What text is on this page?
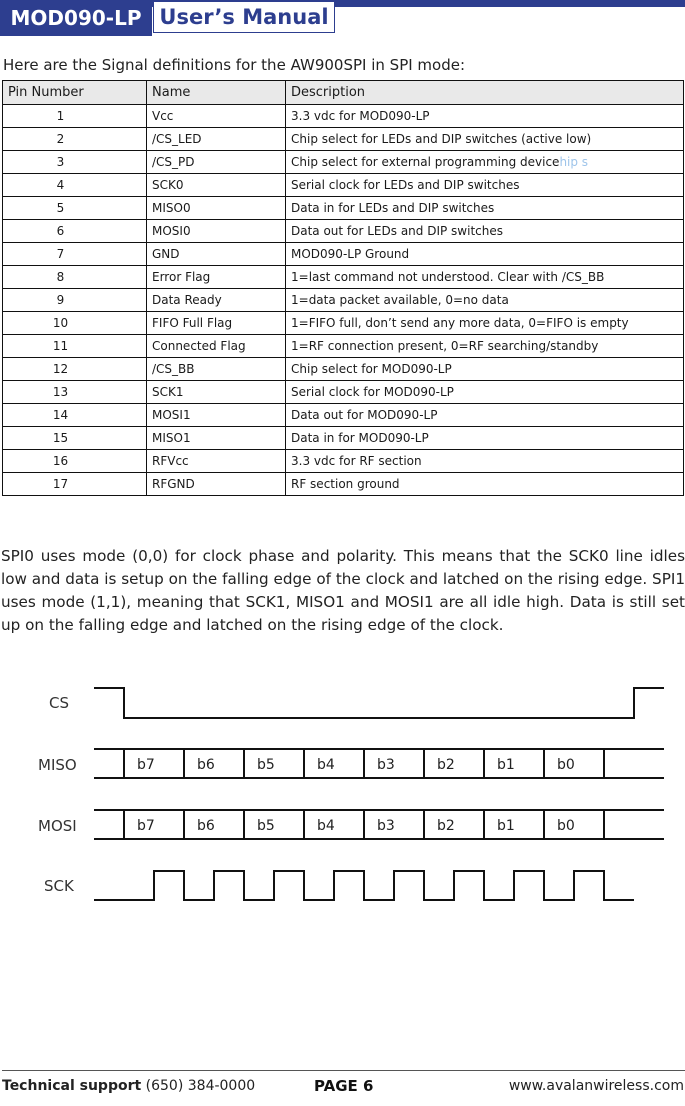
MOD090-LP User’s Manual
Here are the Signal deﬁnitions for the AW900SPI in SPI mode:
Pin Number	Name	Description
1	Vcc	3.3 vdc for MOD090-LP
2	/CS_LED	Chip select for LEDs and DIP switches (active low)
3	/CS_PD	Chip select for external programming devicehip s
4	SCK0	Serial clock for LEDs and DIP switches
5	MISO0	Data in for LEDs and DIP switches
6	MOSI0	Data out for LEDs and DIP switches
7	GND	MOD090-LP Ground
8	Error Flag	1=last command not understood. Clear with /CS_BB
9	Data Ready	1=data packet available, 0=no data
10	FIFO Full Flag	1=FIFO full, don’t send any more data, 0=FIFO is empty
11	Connected Flag	1=RF connection present, 0=RF searching/standby
12	/CS_BB	Chip select for MOD090-LP
13	SCK1	Serial clock for MOD090-LP
14	MOSI1	Data out for MOD090-LP
15	MISO1	Data in for MOD090-LP
16	RFVcc	3.3 vdc for RF section
17	RFGND	RF section ground
SPI0 uses mode (0,0) for clock phase and polarity. This means that the SCK0 line idles low and data is setup on the falling edge of the clock and latched on the rising edge. SPI1 uses mode (1,1), meaning that SCK1, MISO1 and MOSI1 are all idle high. Data is still set up on the falling edge and latched on the rising edge of the clock.
CS
MISO
MOSI
SCK
b7	b6	b5	b4	b3	b2	b1	b0
b7	b6	b5	b4	b3	b2	b1	b0
Technical support (650) 384-0000	PAGE 6	www.avalanwireless.com
